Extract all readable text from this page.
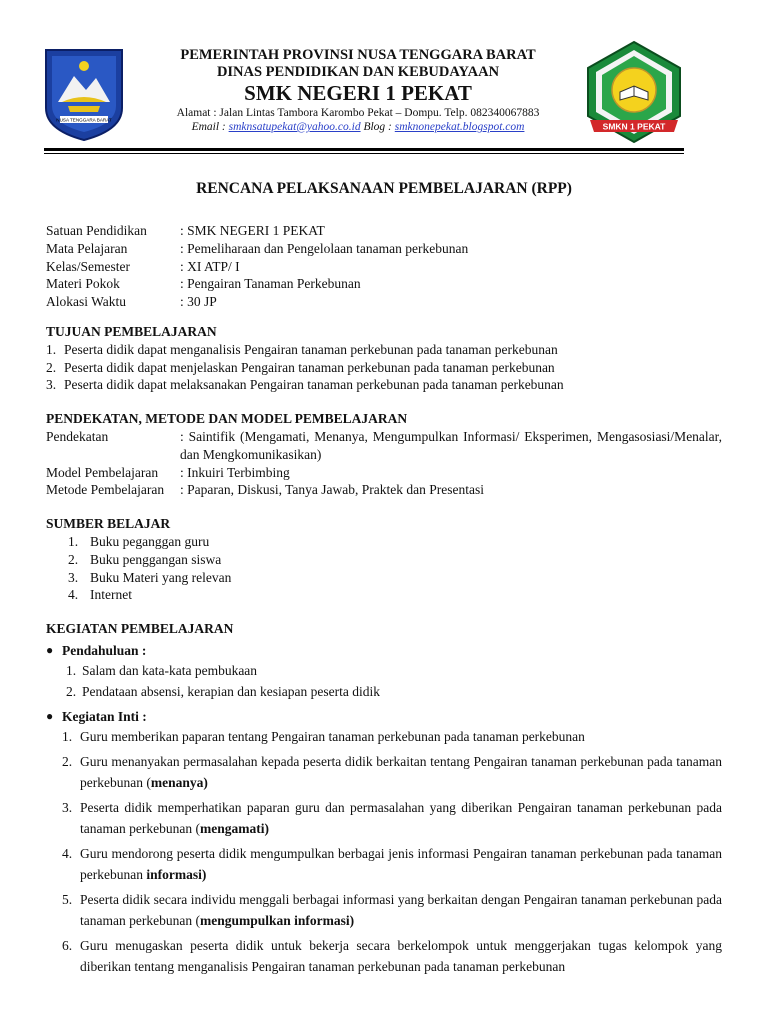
NUSA TENGGARA BARAT
PEMERINTAH PROVINSI NUSA TENGGARA BARAT
DINAS PENDIDIKAN DAN KEBUDAYAAN
SMK NEGERI 1 PEKAT
Alamat : Jalan Lintas Tambora Karombo Pekat – Dompu. Telp. 082340067883
Email : smknsatupekat@yahoo.co.id Blog : smknonepekat.blogspot.com	SMKN 1 PEKAT
RENCANA PELAKSANAAN PEMBELAJARAN (RPP)
Satuan Pendidikan	: SMK NEGERI 1 PEKAT
Mata Pelajaran	: Pemeliharaan dan Pengelolaan tanaman perkebunan
Kelas/Semester	: XI ATP/ I
Materi Pokok	: Pengairan Tanaman Perkebunan
Alokasi Waktu	: 30 JP
TUJUAN PEMBELAJARAN
1. Peserta didik dapat menganalisis Pengairan tanaman perkebunan pada tanaman perkebunan
2. Peserta didik dapat menjelaskan Pengairan tanaman perkebunan pada tanaman perkebunan
3. Peserta didik dapat melaksanakan Pengairan tanaman perkebunan pada tanaman perkebunan
PENDEKATAN, METODE DAN MODEL PEMBELAJARAN
Pendekatan	: Saintifik (Mengamati, Menanya, Mengumpulkan Informasi/ Eksperimen, Mengasosiasi/Menalar, dan Mengkomunikasikan)
Model Pembelajaran	: Inkuiri Terbimbing
Metode Pembelajaran	: Paparan, Diskusi, Tanya Jawab, Praktek dan Presentasi
SUMBER BELAJAR
1. Buku peganggan guru
2. Buku penggangan siswa
3. Buku Materi yang relevan
4. Internet
KEGIATAN PEMBELAJARAN
● Pendahuluan :
1. Salam dan kata-kata pembukaan
2. Pendataan absensi, kerapian dan kesiapan peserta didik
● Kegiatan Inti :
1. Guru memberikan paparan tentang Pengairan tanaman perkebunan pada tanaman perkebunan
2. Guru menanyakan permasalahan kepada peserta didik berkaitan tentang Pengairan tanaman perkebunan pada tanaman perkebunan (menanya)
3. Peserta didik memperhatikan paparan guru dan permasalahan yang diberikan Pengairan tanaman perkebunan pada tanaman perkebunan (mengamati)
4. Guru mendorong peserta didik mengumpulkan berbagai jenis informasi Pengairan tanaman perkebunan pada tanaman perkebunan informasi)
5. Peserta didik secara individu menggali berbagai informasi yang berkaitan dengan Pengairan tanaman perkebunan pada tanaman perkebunan (mengumpulkan informasi)
6. Guru menugaskan peserta didik untuk bekerja secara berkelompok untuk menggerjakan tugas kelompok yang diberikan tentang menganalisis Pengairan tanaman perkebunan pada tanaman perkebunan
